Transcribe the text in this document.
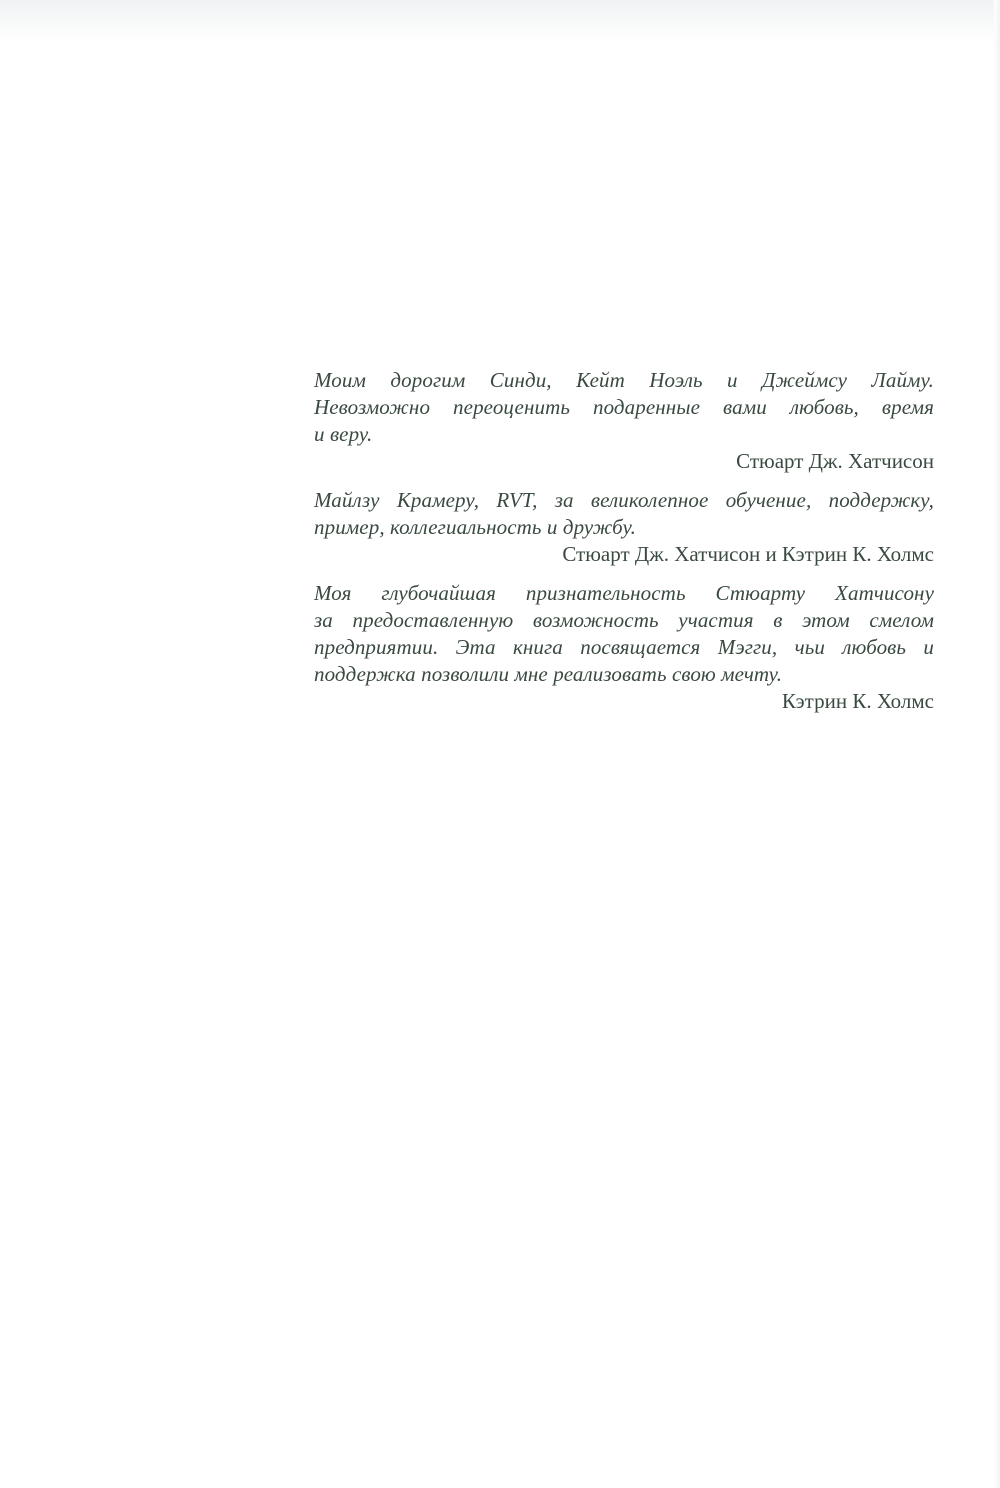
Моим дорогим Синди, Кейт Ноэль и Джеймсу Лайму.
Невозможно переоценить подаренные вами любовь, время
и веру.

Стюарт Дж. Хатчисон

Майлзу Крамеру, RVT, за великолепное обучение, поддержку,
пример, коллегиальность и дружбу.

Стюарт Дж. Хатчисон и Кэтрин К. Холмс

Моя глубочайшая признательность Стюарту Хатчисону
за предоставленную возможность участия в этом смелом
предприятии. Эта книга посвящается Мэгги, чьи любовь и
поддержка позволили мне реализовать свою мечту.

Кэтрин К. Холмс
